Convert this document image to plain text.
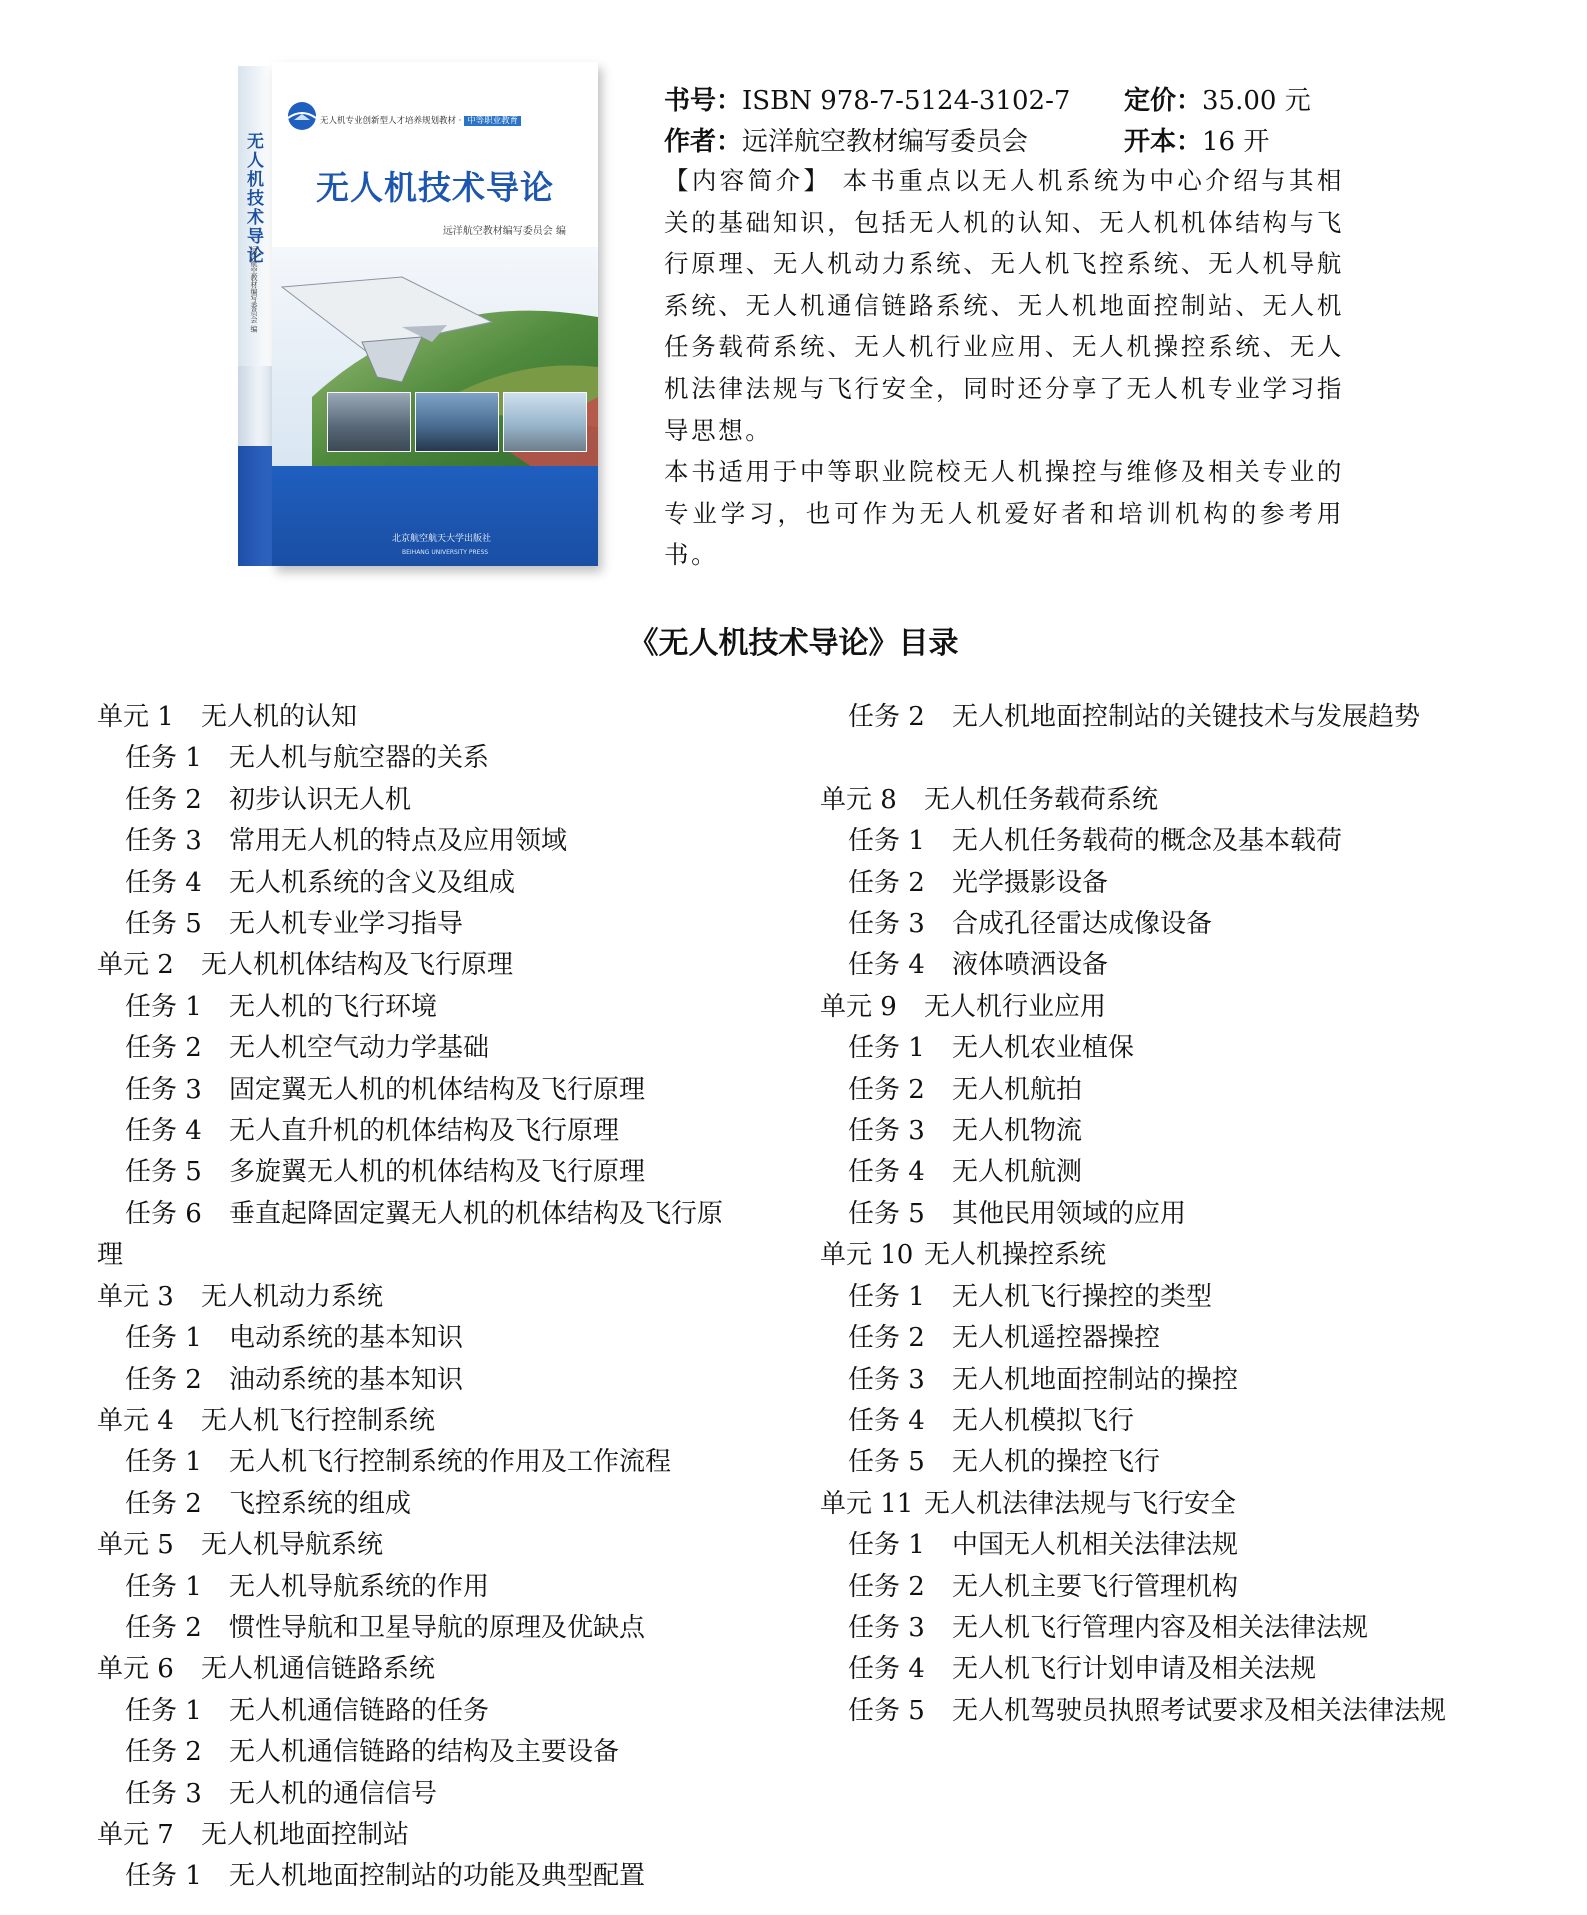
无人机技术导论
远洋航空教材编写委员会 编
无人机专业创新型人才培养规划教材 · 中等职业教育
无人机技术导论
远洋航空教材编写委员会 编
北京航空航天大学出版社
BEIHANG UNIVERSITY PRESS
书号：ISBN 978-7-5124-3102-7 定价：35.00 元
作者：远洋航空教材编写委员会	开本：16 开

【内容简介】 本书重点以无人机系统为中心介绍与其相关的基础知识，包括无人机的认知、无人机机体结构与飞行原理、无人机动力系统、无人机飞控系统、无人机导航系统、无人机通信链路系统、无人机地面控制站、无人机任务载荷系统、无人机行业应用、无人机操控系统、无人机法律法规与飞行安全，同时还分享了无人机专业学习指导思想。

本书适用于中等职业院校无人机操控与维修及相关专业的专业学习，也可作为无人机爱好者和培训机构的参考用书。

《无人机技术导论》目录
单元 1 无人机的认知
任务 1 无人机与航空器的关系
任务 2 初步认识无人机
任务 3 常用无人机的特点及应用领域
任务 4 无人机系统的含义及组成
任务 5 无人机专业学习指导
单元 2 无人机机体结构及飞行原理
任务 1 无人机的飞行环境
任务 2 无人机空气动力学基础
任务 3 固定翼无人机的机体结构及飞行原理
任务 4 无人直升机的机体结构及飞行原理
任务 5 多旋翼无人机的机体结构及飞行原理
任务 6 垂直起降固定翼无人机的机体结构及飞行原
理
单元 3 无人机动力系统
任务 1 电动系统的基本知识
任务 2 油动系统的基本知识
单元 4 无人机飞行控制系统
任务 1 无人机飞行控制系统的作用及工作流程
任务 2 飞控系统的组成
单元 5 无人机导航系统
任务 1 无人机导航系统的作用
任务 2 惯性导航和卫星导航的原理及优缺点
单元 6 无人机通信链路系统
任务 1 无人机通信链路的任务
任务 2 无人机通信链路的结构及主要设备
任务 3 无人机的通信信号
单元 7 无人机地面控制站
任务 1 无人机地面控制站的功能及典型配置
任务 2 无人机地面控制站的关键技术与发展趋势

单元 8 无人机任务载荷系统
任务 1 无人机任务载荷的概念及基本载荷
任务 2 光学摄影设备
任务 3 合成孔径雷达成像设备
任务 4 液体喷洒设备
单元 9 无人机行业应用
任务 1 无人机农业植保
任务 2 无人机航拍
任务 3 无人机物流
任务 4 无人机航测
任务 5 其他民用领域的应用
单元 10 无人机操控系统
任务 1 无人机飞行操控的类型
任务 2 无人机遥控器操控
任务 3 无人机地面控制站的操控
任务 4 无人机模拟飞行
任务 5 无人机的操控飞行
单元 11 无人机法律法规与飞行安全
任务 1 中国无人机相关法律法规
任务 2 无人机主要飞行管理机构
任务 3 无人机飞行管理内容及相关法律法规
任务 4 无人机飞行计划申请及相关法规
任务 5 无人机驾驶员执照考试要求及相关法律法规
